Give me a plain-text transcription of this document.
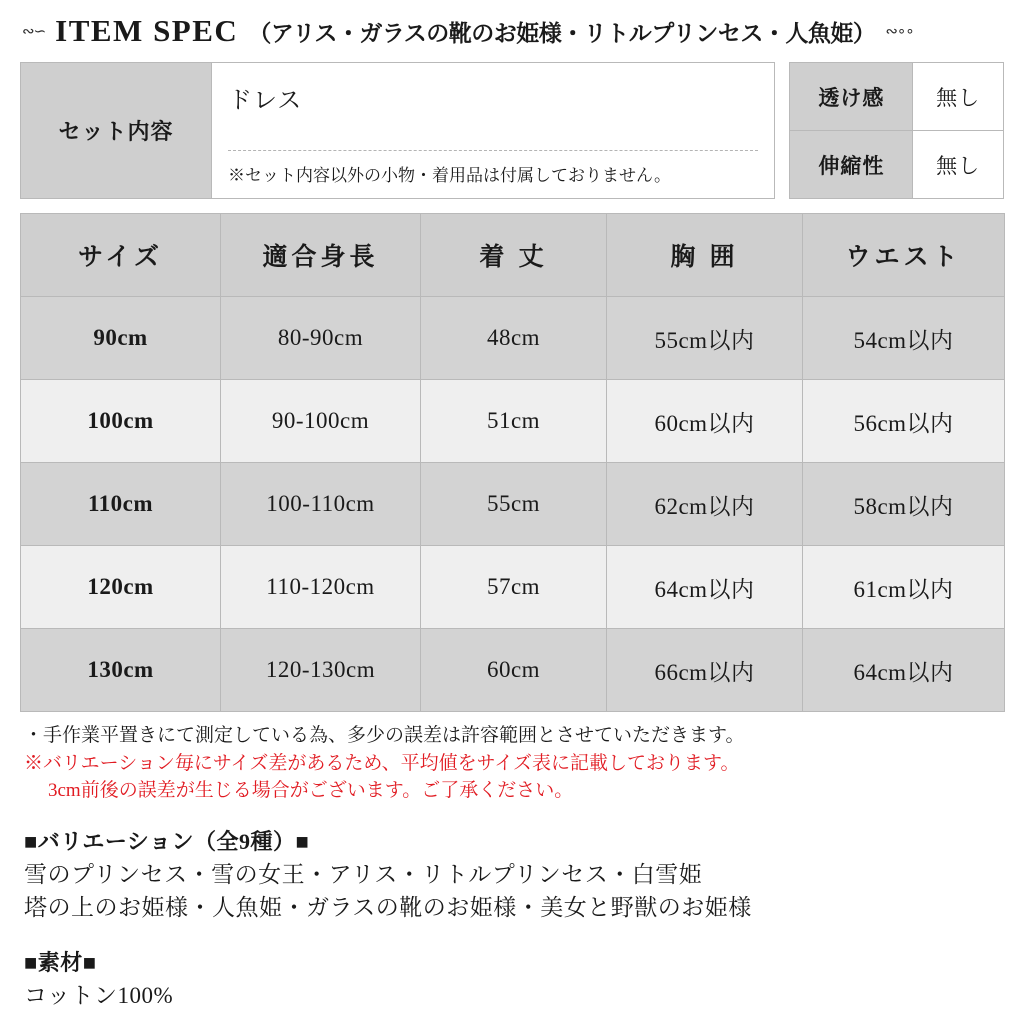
∾∽ ITEM SPEC （アリス・ガラスの靴のお姫様・リトルプリンセス・人魚姫） ∾∘∘
セット内容	
ドレス
※セット内容以外の小物・着用品は付属しておりません。
透け感	無し
伸縮性	無し
サイズ	適合身長	着 丈	胸 囲	ウエスト
90cm	80-90cm	48cm	55cm以内	54cm以内
100cm	90-100cm	51cm	60cm以内	56cm以内
110cm	100-110cm	55cm	62cm以内	58cm以内
120cm	110-120cm	57cm	64cm以内	61cm以内
130cm	120-130cm	60cm	66cm以内	64cm以内
・手作業平置きにて測定している為、多少の誤差は許容範囲とさせていただきます。
※バリエーション毎にサイズ差があるため、平均値をサイズ表に記載しております。
3cm前後の誤差が生じる場合がございます。ご了承ください。
■バリエーション（全9種）■
雪のプリンセス・雪の女王・アリス・リトルプリンセス・白雪姫
塔の上のお姫様・人魚姫・ガラスの靴のお姫様・美女と野獣のお姫様
■素材■
コットン100%
